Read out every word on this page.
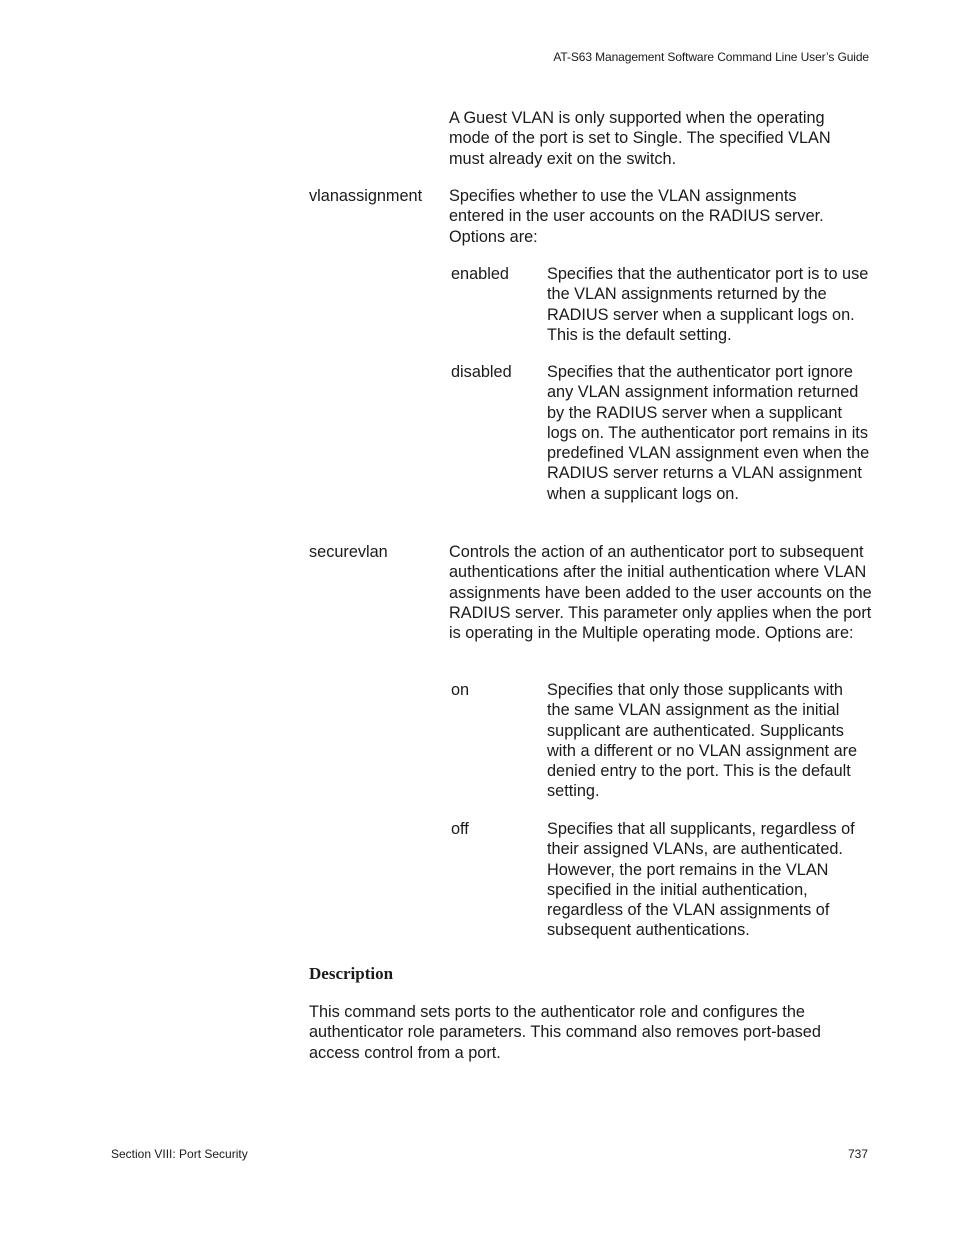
AT-S63 Management Software Command Line User’s Guide

A Guest VLAN is only supported when the operating mode of the port is set to Single. The specified VLAN must already exit on the switch.

vlanassignment Specifies whether to use the VLAN assignments entered in the user accounts on the RADIUS server. Options are:

enabled Specifies that the authenticator port is to use the VLAN assignments returned by the RADIUS server when a supplicant logs on. This is the default setting.

disabled Specifies that the authenticator port ignore any VLAN assignment information returned by the RADIUS server when a supplicant logs on. The authenticator port remains in its predefined VLAN assignment even when the RADIUS server returns a VLAN assignment when a supplicant logs on.

securevlan	Controls the action of an authenticator port to subsequent authentications after the initial authentication where VLAN assignments have been added to the user accounts on the RADIUS server. This parameter only applies when the port is operating in the Multiple operating mode. Options are:

on	Specifies that only those supplicants with the same VLAN assignment as the initial supplicant are authenticated. Supplicants with a different or no VLAN assignment are denied entry to the port. This is the default setting.

off	Specifies that all supplicants, regardless of their assigned VLANs, are authenticated. However, the port remains in the VLAN specified in the initial authentication, regardless of the VLAN assignments of subsequent authentications.

Description

This command sets ports to the authenticator role and configures the authenticator role parameters. This command also removes port-based access control from a port.

Section VIII: Port Security	737
